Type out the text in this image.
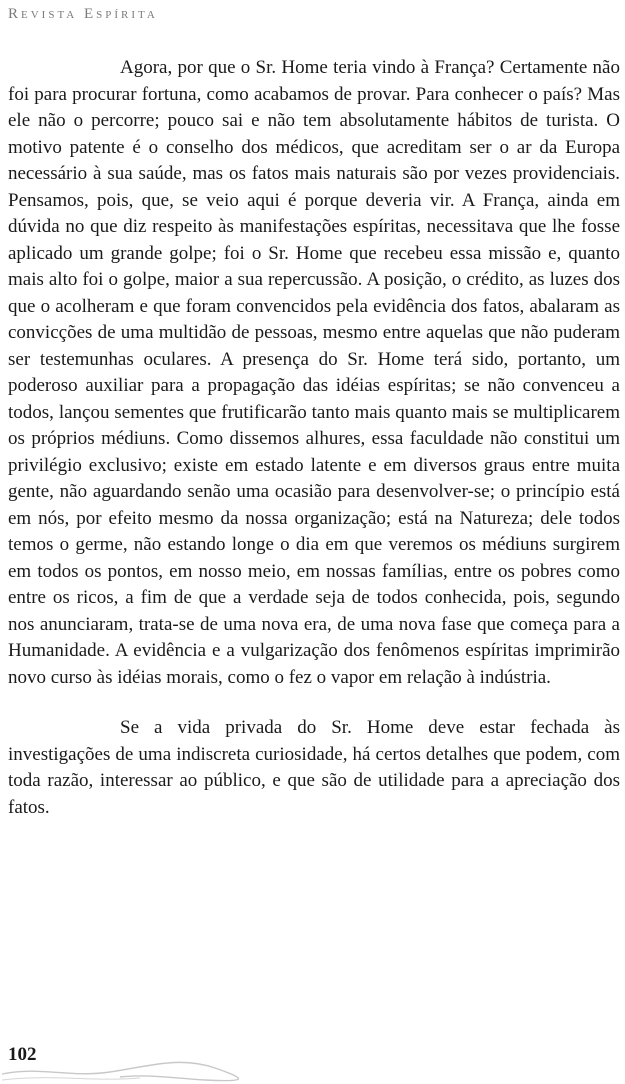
Revista Espírita

Agora, por que o Sr. Home teria vindo à França? Certamente não foi para procurar fortuna, como acabamos de provar. Para conhecer o país? Mas ele não o percorre; pouco sai e não tem absolutamente hábitos de turista. O motivo patente é o conselho dos médicos, que acreditam ser o ar da Europa necessário à sua saúde, mas os fatos mais naturais são por vezes providenciais. Pensamos, pois, que, se veio aqui é porque deveria vir. A França, ainda em dúvida no que diz respeito às manifestações espíritas, necessitava que lhe fosse aplicado um grande golpe; foi o Sr. Home que recebeu essa missão e, quanto mais alto foi o golpe, maior a sua repercussão. A posição, o crédito, as luzes dos que o acolheram e que foram convencidos pela evidência dos fatos, abalaram as convicções de uma multidão de pessoas, mesmo entre aquelas que não puderam ser testemunhas oculares. A presença do Sr. Home terá sido, portanto, um poderoso auxiliar para a propagação das idéias espíritas; se não convenceu a todos, lançou sementes que frutificarão tanto mais quanto mais se multiplicarem os próprios médiuns. Como dissemos alhures, essa faculdade não constitui um privilégio exclusivo; existe em estado latente e em diversos graus entre muita gente, não aguardando senão uma ocasião para desenvolver-se; o princípio está em nós, por efeito mesmo da nossa organização; está na Natureza; dele todos temos o germe, não estando longe o dia em que veremos os médiuns surgirem em todos os pontos, em nosso meio, em nossas famílias, entre os pobres como entre os ricos, a fim de que a verdade seja de todos conhecida, pois, segundo nos anunciaram, trata-se de uma nova era, de uma nova fase que começa para a Humanidade. A evidência e a vulgarização dos fenômenos espíritas imprimirão novo curso às idéias morais, como o fez o vapor em relação à indústria.

Se a vida privada do Sr. Home deve estar fechada às investigações de uma indiscreta curiosidade, há certos detalhes que podem, com toda razão, interessar ao público, e que são de utilidade para a apreciação dos fatos.

102
